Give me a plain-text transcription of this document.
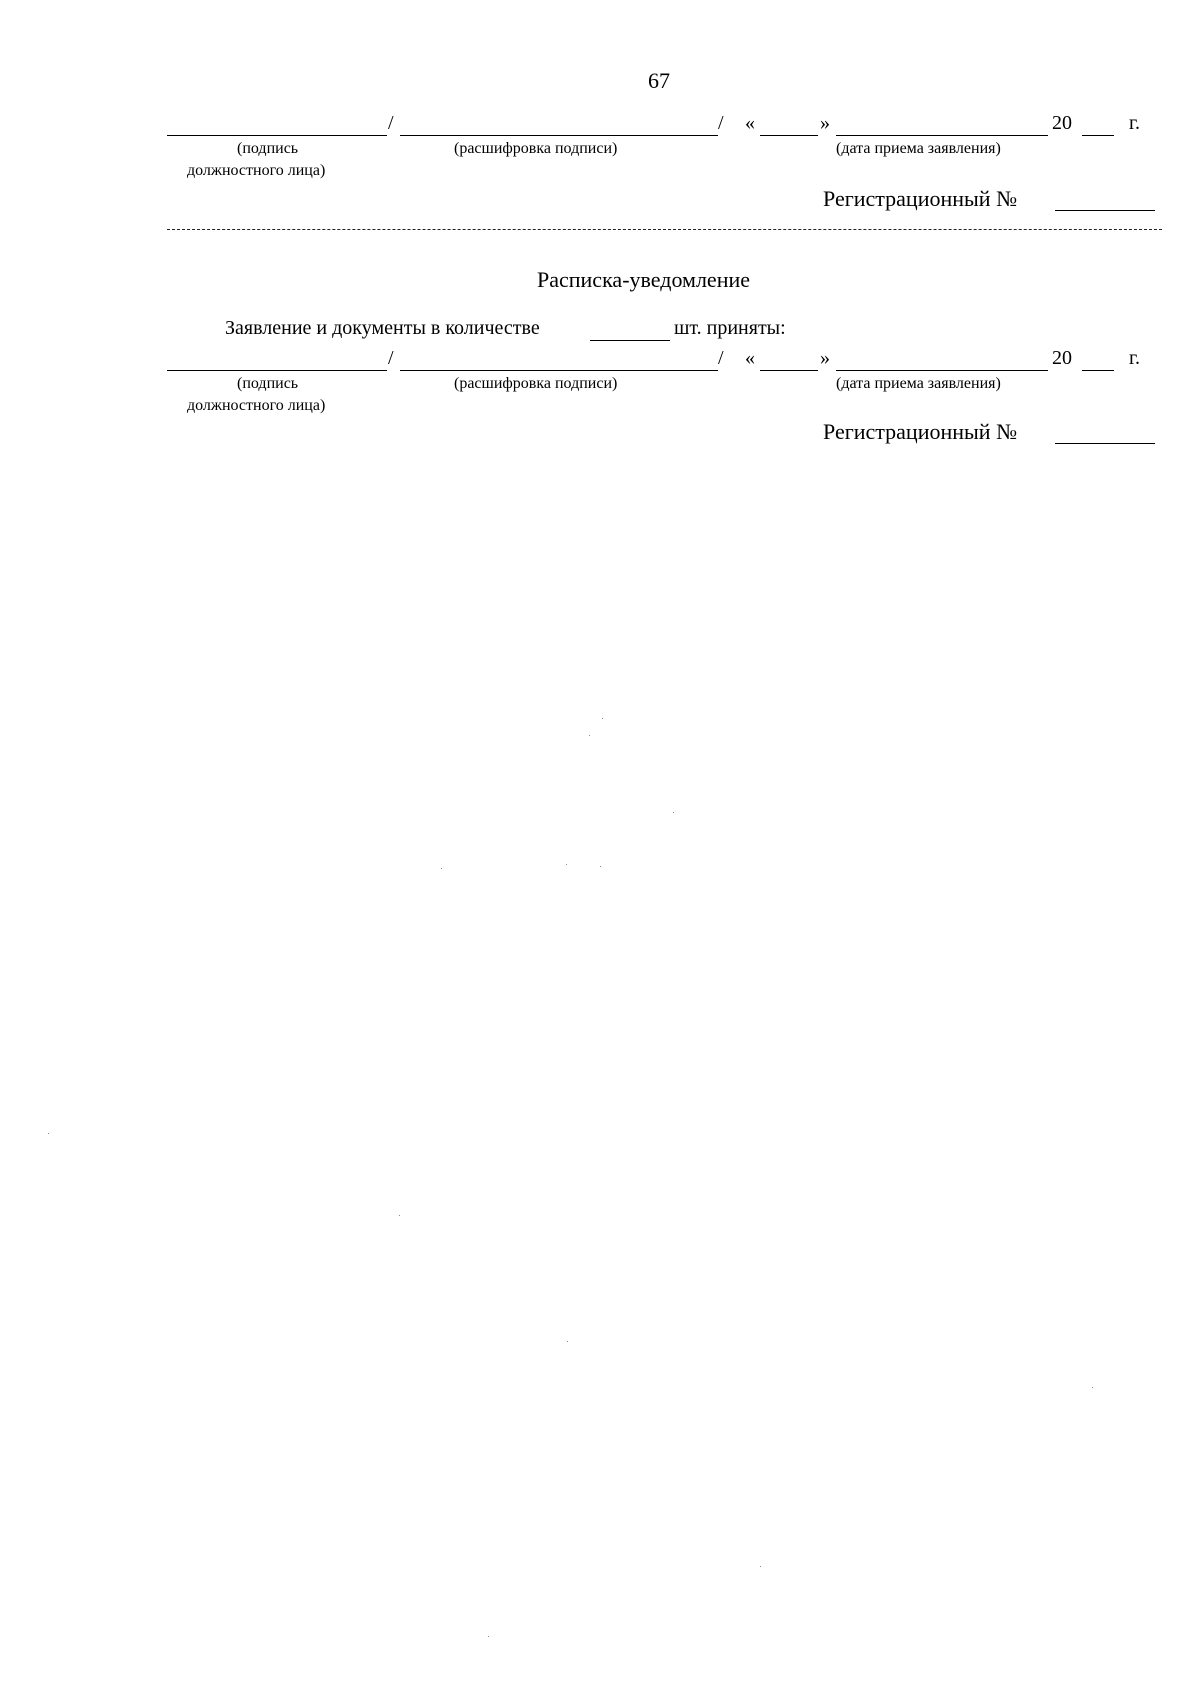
67
/	/ «	»	20	г.
(подпись
должностного лица)
(расшифровка подписи)	(дата приема заявления)
Регистрационный №
Расписка-уведомление
Заявление и документы в количестве	шт. приняты:
/	/ «	»	20	г.
(подпись
должностного лица)
(расшифровка подписи)	(дата приема заявления)
Регистрационный №
